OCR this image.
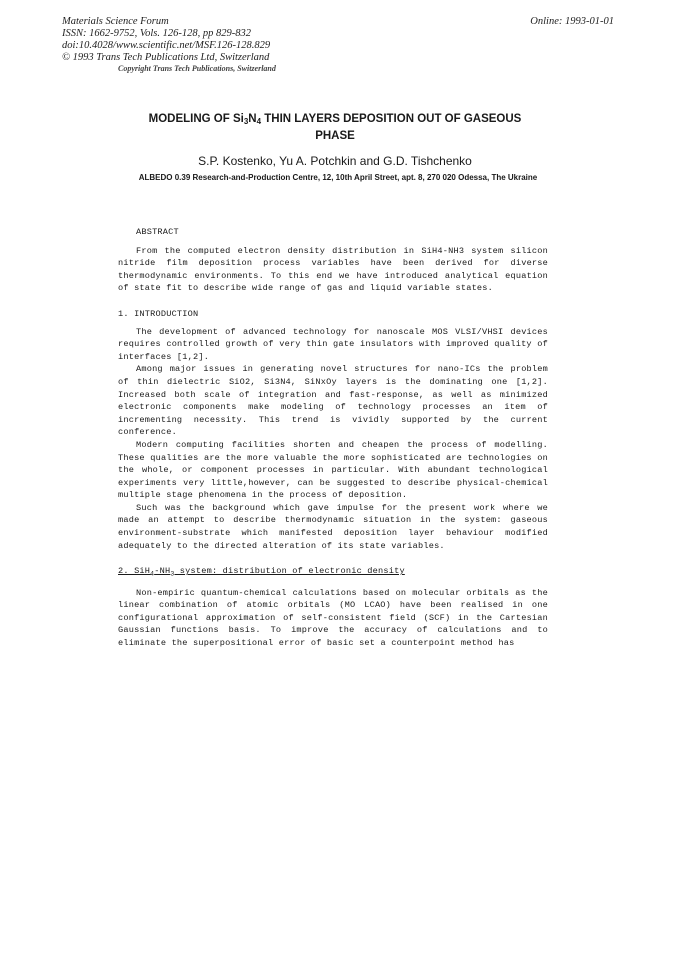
Materials Science Forum
ISSN: 1662-9752, Vols. 126-128, pp 829-832
doi:10.4028/www.scientific.net/MSF.126-128.829
© 1993 Trans Tech Publications Ltd, Switzerland
Online: 1993-01-01
Copyright Trans Tech Publications, Switzerland
MODELING OF $Si_3N_4$ THIN LAYERS DEPOSITION OUT OF GASEOUS
PHASE
S.P. Kostenko, Yu A. Potchkin and G.D. Tishchenko
ALBEDO 0.39 Research-and-Production Centre, 12, 10th April Street, apt. 8, 270 020 Odessa, The Ukraine

ABSTRACT

From the computed electron density distribution in SiH4-NH3 system silicon nitride film deposition process variables have been derived for diverse thermodynamic environments. To this end we have introduced analytical equation of state fit to describe wide range of gas and liquid variable states.

1. INTRODUCTION

The development of advanced technology for nanoscale MOS VLSI/VHSI devices requires controlled growth of very thin gate insulators with improved quality of interfaces [1,2].

Among major issues in generating novel structures for nano-ICs the problem of thin dielectric SiO2, Si3N4, SiNxOy layers is the dominating one [1,2]. Increased both scale of integration and fast-response, as well as minimized electronic components make modeling of technology processes an item of incrementing necessity. This trend is vividly supported by the current conference.

Modern computing facilities shorten and cheapen the process of modelling. These qualities are the more valuable the more sophisticated are technologies on the whole, or component processes in particular. With abundant technological experiments very little,however, can be suggested to describe physical-chemical multiple stage phenomena in the process of deposition.

Such was the background which gave impulse for the present work where we made an attempt to describe thermodynamic situation in the system: gaseous environment-substrate which manifested deposition layer behaviour modified adequately to the directed alteration of its state variables.

2. $SiH_4-NH_3$ system: distribution of electronic density

Non-empiric quantum-chemical calculations based on molecular orbitals as the linear combination of atomic orbitals (MO LCAO) have been realised in one configurational approximation of self-consistent field (SCF) in the Cartesian Gaussian functions basis. To improve the accuracy of calculations and to eliminate the superpositional error of basic set a counterpoint method has
